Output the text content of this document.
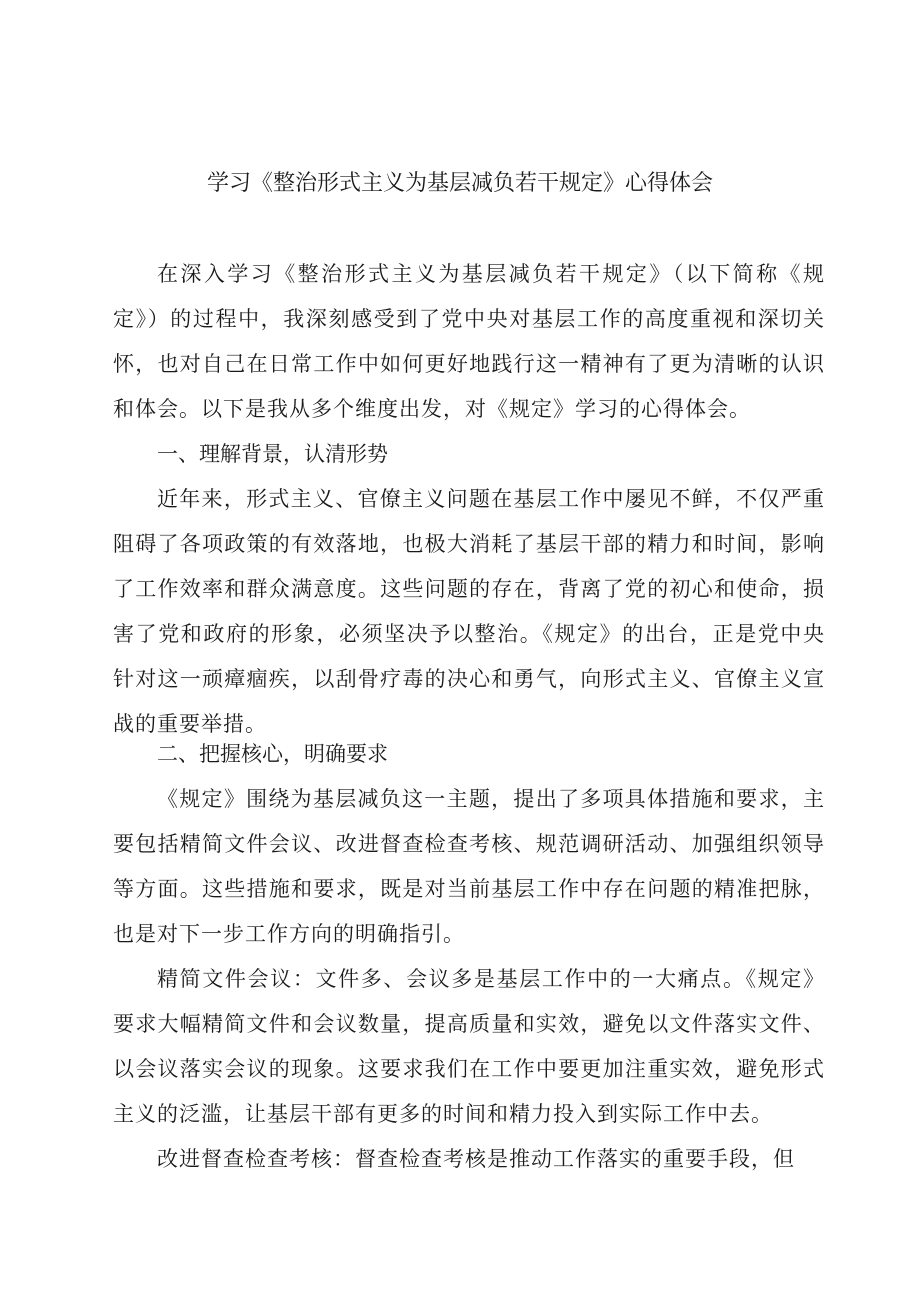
学习《整治形式主义为基层减负若干规定》心得体会

在深入学习《整治形式主义为基层减负若干规定》（以下简称《规定》）的过程中，我深刻感受到了党中央对基层工作的高度重视和深切关怀，也对自己在日常工作中如何更好地践行这一精神有了更为清晰的认识和体会。以下是我从多个维度出发，对《规定》学习的心得体会。

一、理解背景，认清形势

近年来，形式主义、官僚主义问题在基层工作中屡见不鲜，不仅严重阻碍了各项政策的有效落地，也极大消耗了基层干部的精力和时间，影响了工作效率和群众满意度。这些问题的存在，背离了党的初心和使命，损害了党和政府的形象，必须坚决予以整治。《规定》的出台，正是党中央针对这一顽瘴痼疾，以刮骨疗毒的决心和勇气，向形式主义、官僚主义宣战的重要举措。

二、把握核心，明确要求

《规定》围绕为基层减负这一主题，提出了多项具体措施和要求，主要包括精简文件会议、改进督查检查考核、规范调研活动、加强组织领导等方面。这些措施和要求，既是对当前基层工作中存在问题的精准把脉，也是对下一步工作方向的明确指引。

精简文件会议：文件多、会议多是基层工作中的一大痛点。《规定》要求大幅精简文件和会议数量，提高质量和实效，避免以文件落实文件、以会议落实会议的现象。这要求我们在工作中要更加注重实效，避免形式主义的泛滥，让基层干部有更多的时间和精力投入到实际工作中去。

改进督查检查考核：督查检查考核是推动工作落实的重要手段，但
